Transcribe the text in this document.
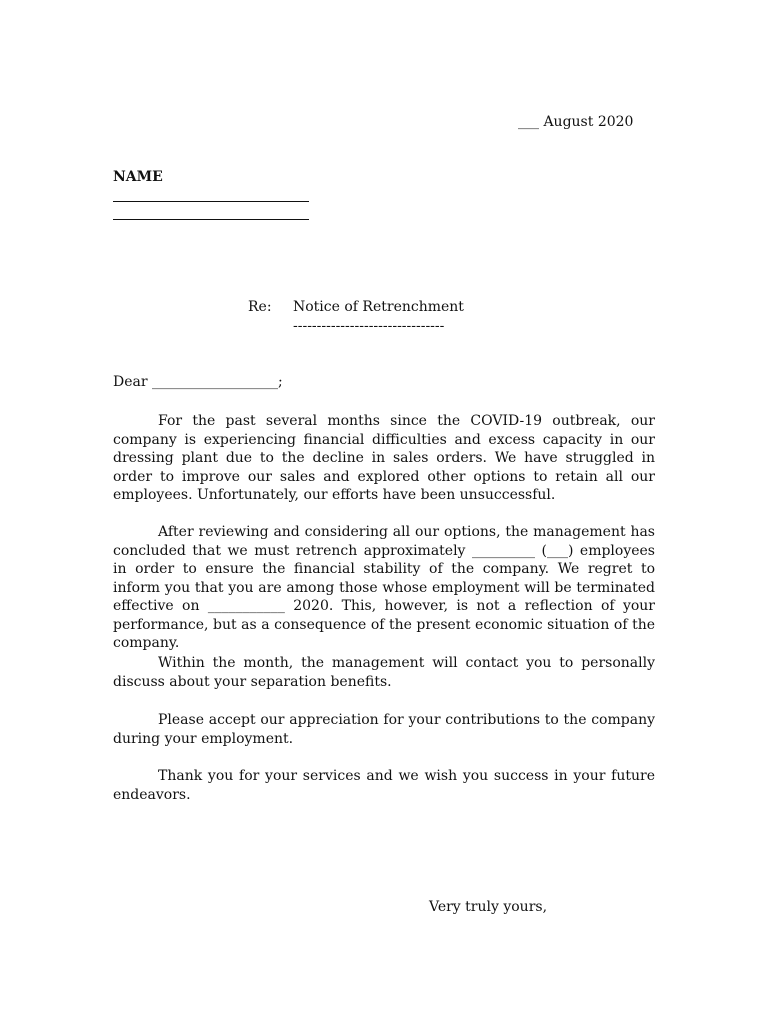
___ August 2020
NAME
Re: Notice of Retrenchment
--------------------------------
Dear __________________;

For the past several months since the COVID-19 outbreak, our company is experiencing financial difficulties and excess capacity in our dressing plant due to the decline in sales orders. We have struggled in order to improve our sales and explored other options to retain all our employees. Unfortunately, our efforts have been unsuccessful.

After reviewing and considering all our options, the management has concluded that we must retrench approximately _________ (___) employees in order to ensure the financial stability of the company. We regret to inform you that you are among those whose employment will be terminated effective on ___________ 2020. This, however, is not a reflection of your performance, but as a consequence of the present economic situation of the company.

Within the month, the management will contact you to personally discuss about your separation benefits.

Please accept our appreciation for your contributions to the company during your employment.

Thank you for your services and we wish you success in your future endeavors.

Very truly yours,
